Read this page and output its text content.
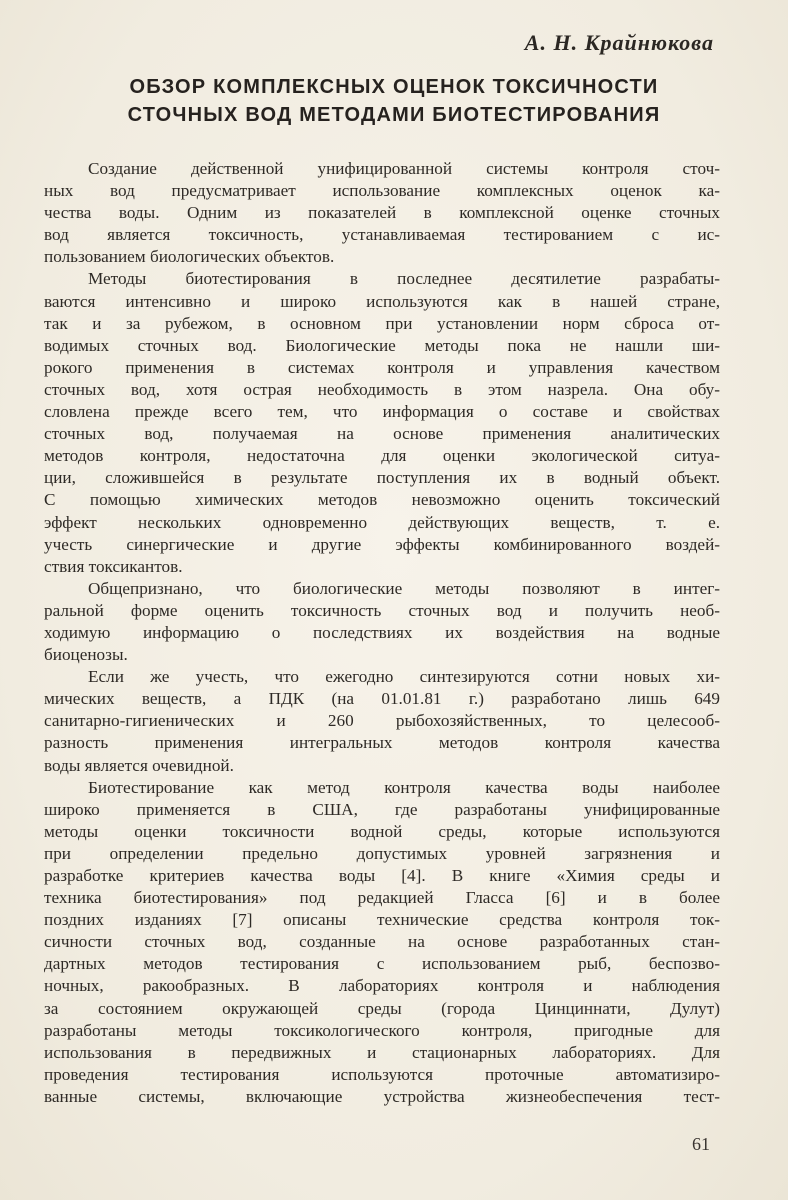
А. Н. Крайнюкова
ОБЗОР КОМПЛЕКСНЫХ ОЦЕНОК ТОКСИЧНОСТИ
СТОЧНЫХ ВОД МЕТОДАМИ БИОТЕСТИРОВАНИЯ
Создание действенной унифицированной системы контроля сточ-
ных вод предусматривает использование комплексных оценок ка-
чества воды. Одним из показателей в комплексной оценке сточных
вод является токсичность, устанавливаемая тестированием с ис-
пользованием биологических объектов.
Методы биотестирования в последнее десятилетие разрабаты-
ваются интенсивно и широко используются как в нашей стране,
так и за рубежом, в основном при установлении норм сброса от-
водимых сточных вод. Биологические методы пока не нашли ши-
рокого применения в системах контроля и управления качеством
сточных вод, хотя острая необходимость в этом назрела. Она обу-
словлена прежде всего тем, что информация о составе и свойствах
сточных вод, получаемая на основе применения аналитических
методов контроля, недостаточна для оценки экологической ситуа-
ции, сложившейся в результате поступления их в водный объект.
С помощью химических методов невозможно оценить токсический
эффект нескольких одновременно действующих веществ, т. е.
учесть синергические и другие эффекты комбинированного воздей-
ствия токсикантов.
Общепризнано, что биологические методы позволяют в интег-
ральной форме оценить токсичность сточных вод и получить необ-
ходимую информацию о последствиях их воздействия на водные
биоценозы.
Если же учесть, что ежегодно синтезируются сотни новых хи-
мических веществ, а ПДК (на 01.01.81 г.) разработано лишь 649
санитарно-гигиенических и 260 рыбохозяйственных, то целесооб-
разность применения интегральных методов контроля качества
воды является очевидной.
Биотестирование как метод контроля качества воды наиболее
широко применяется в США, где разработаны унифицированные
методы оценки токсичности водной среды, которые используются
при определении предельно допустимых уровней загрязнения и
разработке критериев качества воды [4]. В книге «Химия среды и
техника биотестирования» под редакцией Гласса [6] и в более
поздних изданиях [7] описаны технические средства контроля ток-
сичности сточных вод, созданные на основе разработанных стан-
дартных методов тестирования с использованием рыб, беспозво-
ночных, ракообразных. В лабораториях контроля и наблюдения
за состоянием окружающей среды (города Цинциннати, Дулут)
разработаны методы токсикологического контроля, пригодные для
использования в передвижных и стационарных лабораториях. Для
проведения тестирования используются проточные автоматизиро-
ванные системы, включающие устройства жизнеобеспечения тест-
61
